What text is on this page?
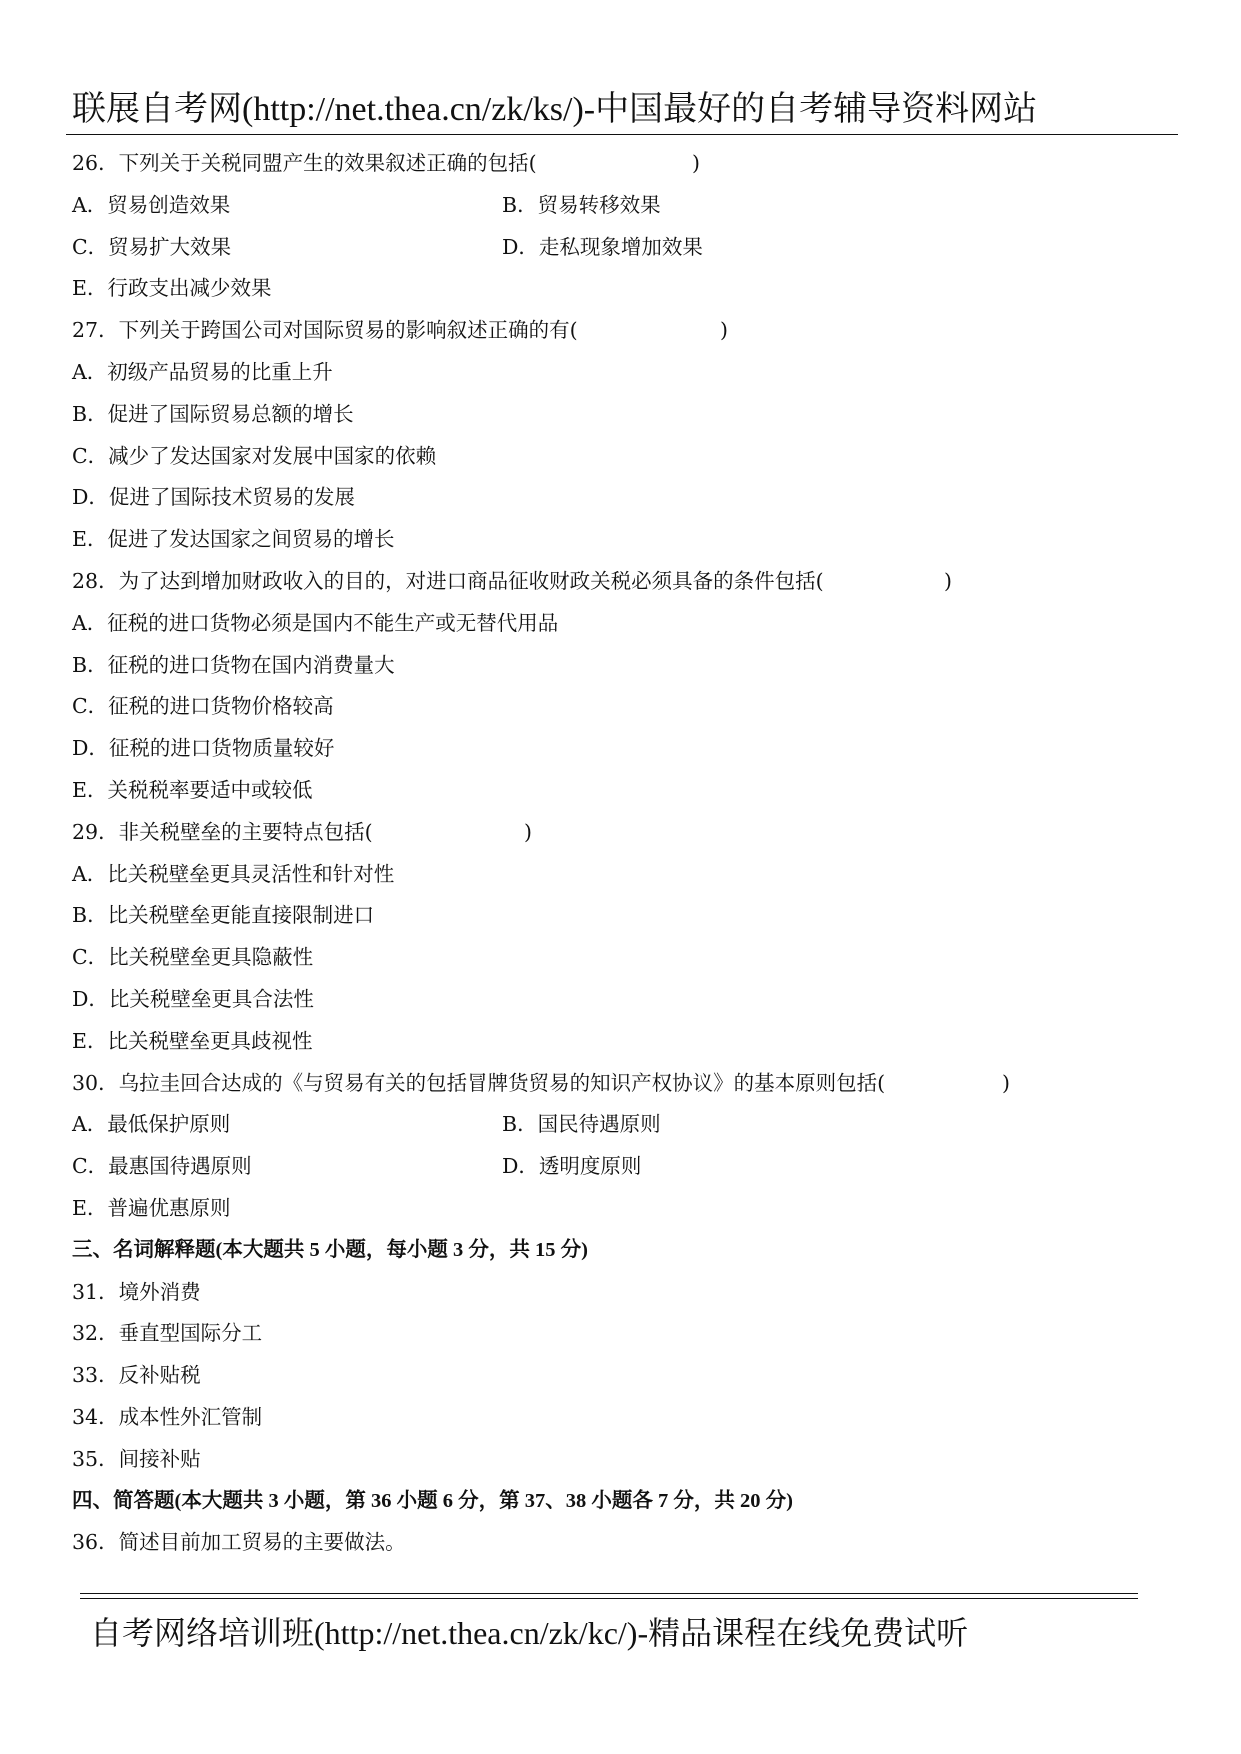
联展自考网(http://net.thea.cn/zk/ks/)-中国最好的自考辅导资料网站
26．下列关于关税同盟产生的效果叙述正确的包括(	)
A．贸易创造效果	B．贸易转移效果
C．贸易扩大效果	D．走私现象增加效果
E．行政支出减少效果
27．下列关于跨国公司对国际贸易的影响叙述正确的有(	)
A．初级产品贸易的比重上升
B．促进了国际贸易总额的增长
C．减少了发达国家对发展中国家的依赖
D．促进了国际技术贸易的发展
E．促进了发达国家之间贸易的增长
28．为了达到增加财政收入的目的，对进口商品征收财政关税必须具备的条件包括(	)
A．征税的进口货物必须是国内不能生产或无替代用品
B．征税的进口货物在国内消费量大
C．征税的进口货物价格较高
D．征税的进口货物质量较好
E．关税税率要适中或较低
29．非关税壁垒的主要特点包括(	)
A．比关税壁垒更具灵活性和针对性
B．比关税壁垒更能直接限制进口
C．比关税壁垒更具隐蔽性
D．比关税壁垒更具合法性
E．比关税壁垒更具歧视性
30．乌拉圭回合达成的《与贸易有关的包括冒牌货贸易的知识产权协议》的基本原则包括(	)
A．最低保护原则	B．国民待遇原则
C．最惠国待遇原则	D．透明度原则
E．普遍优惠原则
三、名词解释题(本大题共 5 小题，每小题 3 分，共 15 分)
31．境外消费
32．垂直型国际分工
33．反补贴税
34．成本性外汇管制
35．间接补贴
四、简答题(本大题共 3 小题，第 36 小题 6 分，第 37、38 小题各 7 分，共 20 分)
36．简述目前加工贸易的主要做法。
自考网络培训班(http://net.thea.cn/zk/kc/)-精品课程在线免费试听
